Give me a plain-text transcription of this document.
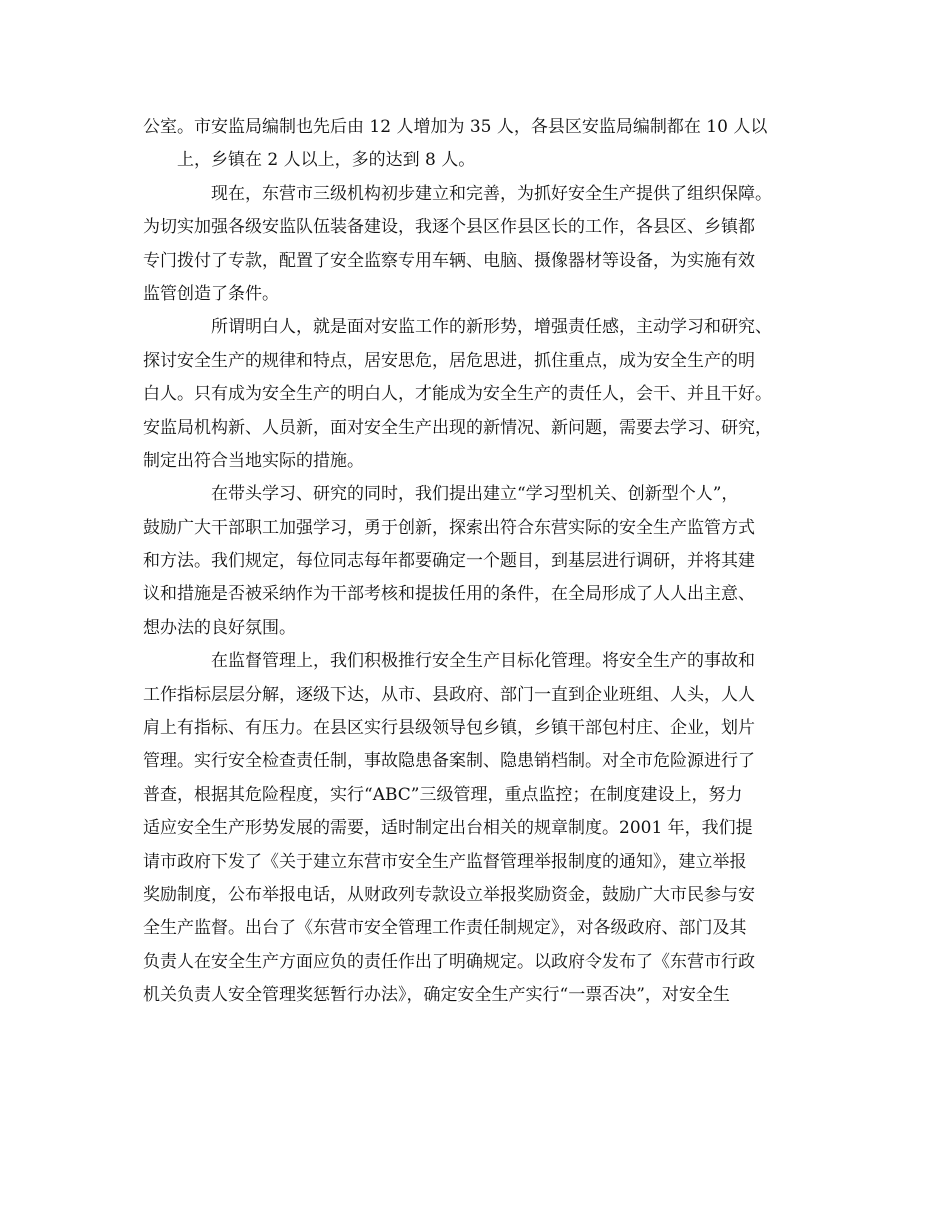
公室。市安监局编制也先后由 12 人增加为 35 人，各县区安监局编制都在 10 人以
上，乡镇在 2 人以上，多的达到 8 人。
现在，东营市三级机构初步建立和完善，为抓好安全生产提供了组织保障。
为切实加强各级安监队伍装备建设，我逐个县区作县区长的工作，各县区、乡镇都
专门拨付了专款，配置了安全监察专用车辆、电脑、摄像器材等设备，为实施有效
监管创造了条件。
所谓明白人，就是面对安监工作的新形势，增强责任感，主动学习和研究、
探讨安全生产的规律和特点，居安思危，居危思进，抓住重点，成为安全生产的明
白人。只有成为安全生产的明白人，才能成为安全生产的责任人，会干、并且干好。
安监局机构新、人员新，面对安全生产出现的新情况、新问题，需要去学习、研究，
制定出符合当地实际的措施。
在带头学习、研究的同时，我们提出建立“学习型机关、创新型个人”，
鼓励广大干部职工加强学习，勇于创新，探索出符合东营实际的安全生产监管方式
和方法。我们规定，每位同志每年都要确定一个题目，到基层进行调研，并将其建
议和措施是否被采纳作为干部考核和提拔任用的条件，在全局形成了人人出主意、
想办法的良好氛围。
在监督管理上，我们积极推行安全生产目标化管理。将安全生产的事故和
工作指标层层分解，逐级下达，从市、县政府、部门一直到企业班组、人头，人人
肩上有指标、有压力。在县区实行县级领导包乡镇，乡镇干部包村庄、企业，划片
管理。实行安全检查责任制，事故隐患备案制、隐患销档制。对全市危险源进行了
普查，根据其危险程度，实行“ABC”三级管理，重点监控；在制度建设上，努力
适应安全生产形势发展的需要，适时制定出台相关的规章制度。2001 年，我们提
请市政府下发了《关于建立东营市安全生产监督管理举报制度的通知》，建立举报
奖励制度，公布举报电话，从财政列专款设立举报奖励资金，鼓励广大市民参与安
全生产监督。出台了《东营市安全管理工作责任制规定》，对各级政府、部门及其
负责人在安全生产方面应负的责任作出了明确规定。以政府令发布了《东营市行政
机关负责人安全管理奖惩暂行办法》，确定安全生产实行“一票否决”，对安全生
